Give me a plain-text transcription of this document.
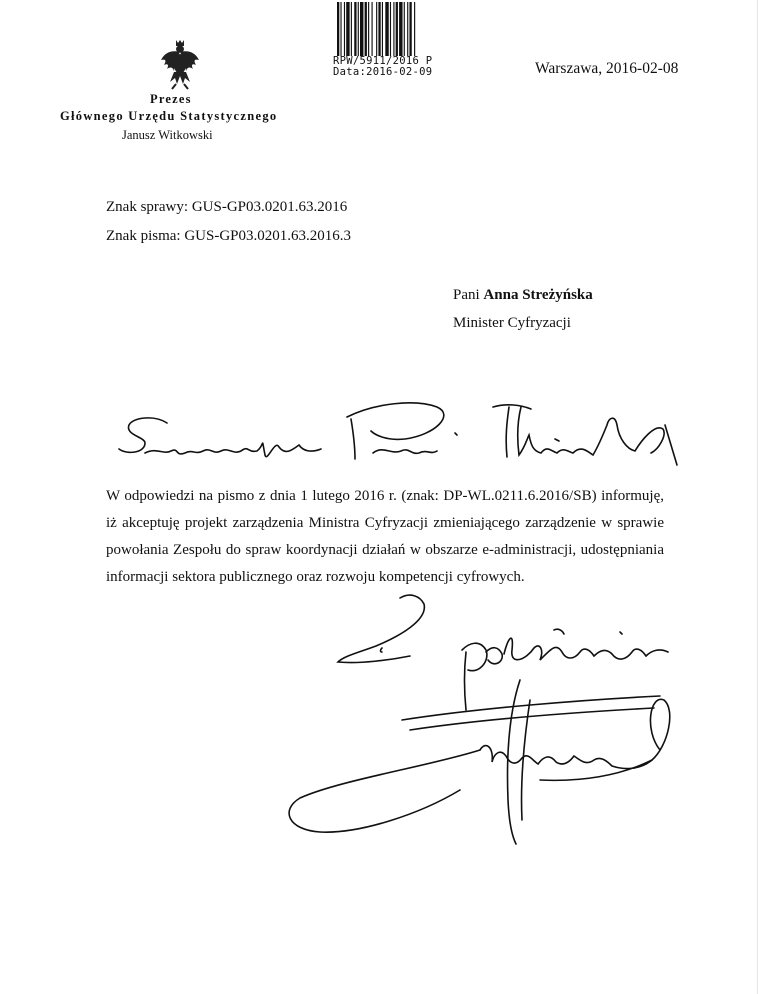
RPW/5911/2016 P
Data:2016-02-09	Warszawa, 2016-02-08
Prezes
Głównego Urzędu Statystycznego
Janusz Witkowski
Znak sprawy: GUS-GP03.0201.63.2016
Znak pisma: GUS-GP03.0201.63.2016.3
Pani Anna Streżyńska
Minister Cyfryzacji
W odpowiedzi na pismo z dnia 1 lutego 2016 r. (znak: DP-WL.0211.6.2016/SB) informuję, iż akceptuję projekt zarządzenia Ministra Cyfryzacji zmieniającego zarządzenie w sprawie powołania Zespołu do spraw koordynacji działań w obszarze e-administracji, udostępniania informacji sektora publicznego oraz rozwoju kompetencji cyfrowych.
